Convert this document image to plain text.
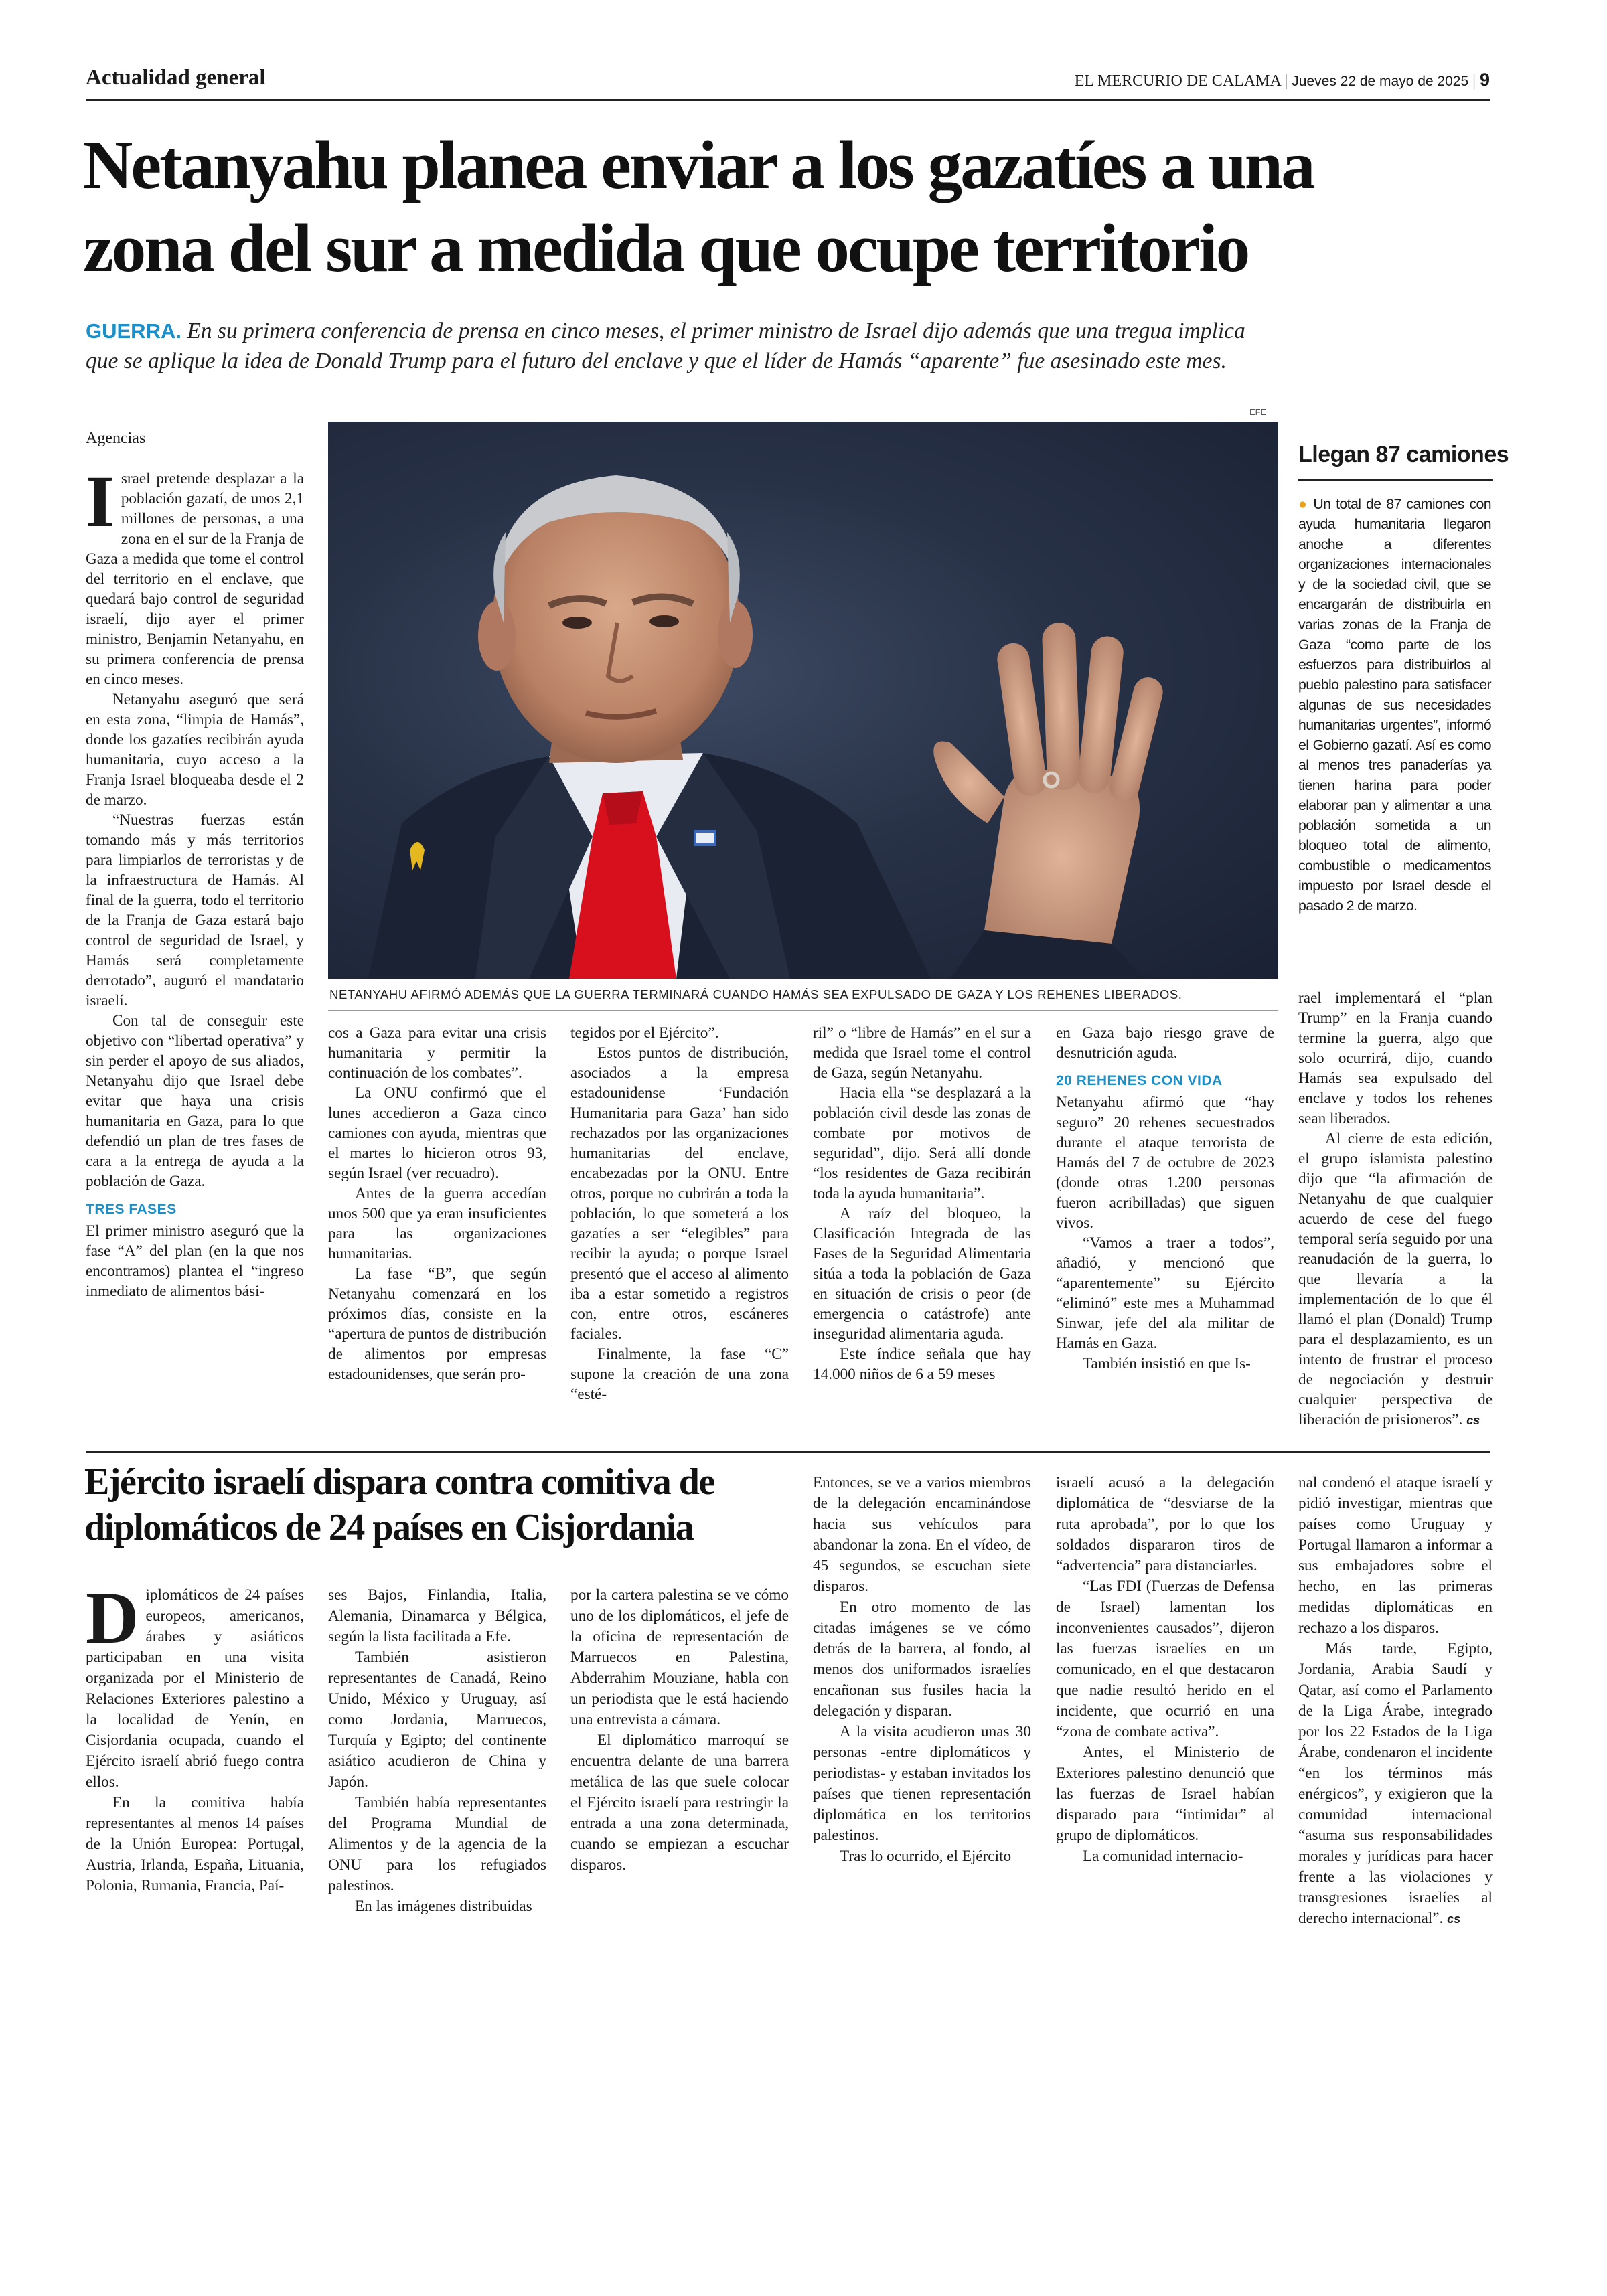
Actualidad general	EL MERCURIO DE CALAMA | Jueves 22 de mayo de 2025 | 9
Netanyahu planea enviar a los gazatíes a una
zona del sur a medida que ocupe territorio
GUERRA. En su primera conferencia de prensa en cinco meses, el primer ministro de Israel dijo además que una tregua implica
que se aplique la idea de Donald Trump para el futuro del enclave y que el líder de Hamás “aparente” fue asesinado este mes.
Agencias
EFE
NETANYAHU AFIRMÓ ADEMÁS QUE LA GUERRA TERMINARÁ CUANDO HAMÁS SEA EXPULSADO DE GAZA Y LOS REHENES LIBERADOS.
Llegan 87 camiones

● Un total de 87 camiones con ayuda humanitaria llegaron anoche a diferentes organizaciones internacionales y de la sociedad civil, que se encargarán de distribuirla en varias zonas de la Franja de Gaza “como parte de los esfuerzos para distribuirlos al pueblo palestino para satisfacer algunas de sus necesidades humanitarias urgentes”, informó el Gobierno gazatí. Así es como al menos tres panaderías ya tienen harina para poder elaborar pan y alimentar a una población sometida a un bloqueo total de alimento, combustible o medicamentos impuesto por Israel desde el pasado 2 de marzo.

Israel pretende desplazar a la población gazatí, de unos 2,1 millones de personas, a una zona en el sur de la Franja de Gaza a medida que tome el control del territorio en el enclave, que quedará bajo control de seguridad israelí, dijo ayer el primer ministro, Benjamin Netanyahu, en su primera conferencia de prensa en cinco meses.

Netanyahu aseguró que será en esta zona, “limpia de Hamás”, donde los gazatíes recibirán ayuda humanitaria, cuyo acceso a la Franja Israel bloqueaba desde el 2 de marzo.

“Nuestras fuerzas están tomando más y más territorios para limpiarlos de terroristas y de la infraestructura de Hamás. Al final de la guerra, todo el territorio de la Franja de Gaza estará bajo control de seguridad de Israel, y Hamás será completamente derrotado”, auguró el mandatario israelí.

Con tal de conseguir este objetivo con “libertad operativa” y sin perder el apoyo de sus aliados, Netanyahu dijo que Israel debe evitar que haya una crisis humanitaria en Gaza, para lo que defendió un plan de tres fases de cara a la entrega de ayuda a la población de Gaza.

TRES FASES

El primer ministro aseguró que la fase “A” del plan (en la que nos encontramos) plantea el “ingreso inmediato de alimentos bási-

cos a Gaza para evitar una crisis humanitaria y permitir la continuación de los combates”.

La ONU confirmó que el lunes accedieron a Gaza cinco camiones con ayuda, mientras que el martes lo hicieron otros 93, según Israel (ver recuadro).

Antes de la guerra accedían unos 500 que ya eran insuficientes para las organizaciones humanitarias.

La fase “B”, que según Netanyahu comenzará en los próximos días, consiste en la “apertura de puntos de distribución de alimentos por empresas estadounidenses, que serán pro-

tegidos por el Ejército”.

Estos puntos de distribución, asociados a la empresa estadounidense ‘Fundación Humanitaria para Gaza’ han sido rechazados por las organizaciones humanitarias del enclave, encabezadas por la ONU. Entre otros, porque no cubrirán a toda la población, lo que someterá a los gazatíes a ser “elegibles” para recibir la ayuda; o porque Israel presentó que el acceso al alimento iba a estar sometido a registros con, entre otros, escáneres faciales.

Finalmente, la fase “C” supone la creación de una zona “esté-

ril” o “libre de Hamás” en el sur a medida que Israel tome el control de Gaza, según Netanyahu.

Hacia ella “se desplazará a la población civil desde las zonas de combate por motivos de seguridad”, dijo. Será allí donde “los residentes de Gaza recibirán toda la ayuda humanitaria”.

A raíz del bloqueo, la Clasificación Integrada de las Fases de la Seguridad Alimentaria sitúa a toda la población de Gaza en situación de crisis o peor (de emergencia o catástrofe) ante inseguridad alimentaria aguda.

Este índice señala que hay 14.000 niños de 6 a 59 meses

en Gaza bajo riesgo grave de desnutrición aguda.

20 REHENES CON VIDA

Netanyahu afirmó que “hay seguro” 20 rehenes secuestrados durante el ataque terrorista de Hamás del 7 de octubre de 2023 (donde otras 1.200 personas fueron acribilladas) que siguen vivos.

“Vamos a traer a todos”, añadió, y mencionó que “aparentemente” su Ejército “eliminó” este mes a Muhammad Sinwar, jefe del ala militar de Hamás en Gaza.

También insistió en que Is-

rael implementará el “plan Trump” en la Franja cuando termine la guerra, algo que solo ocurrirá, dijo, cuando Hamás sea expulsado del enclave y todos los rehenes sean liberados.

Al cierre de esta edición, el grupo islamista palestino dijo que “la afirmación de Netanyahu de que cualquier acuerdo de cese del fuego temporal sería seguido por una reanudación de la guerra, lo que llevaría a la implementación de lo que él llamó el plan (Donald) Trump para el desplazamiento, es un intento de frustrar el proceso de negociación y destruir cualquier perspectiva de liberación de prisioneros”. cs

Ejército israelí dispara contra comitiva de
diplomáticos de 24 países en Cisjordania

Diplomáticos de 24 países europeos, americanos, árabes y asiáticos participaban en una visita organizada por el Ministerio de Relaciones Exteriores palestino a la localidad de Yenín, en Cisjordania ocupada, cuando el Ejército israelí abrió fuego contra ellos.

En la comitiva había representantes al menos 14 países de la Unión Europea: Portugal, Austria, Irlanda, España, Lituania, Polonia, Rumania, Francia, Paí-

ses Bajos, Finlandia, Italia, Alemania, Dinamarca y Bélgica, según la lista facilitada a Efe.

También asistieron representantes de Canadá, Reino Unido, México y Uruguay, así como Jordania, Marruecos, Turquía y Egipto; del continente asiático acudieron de China y Japón.

También había representantes del Programa Mundial de Alimentos y de la agencia de la ONU para los refugiados palestinos.

En las imágenes distribuidas

por la cartera palestina se ve cómo uno de los diplomáticos, el jefe de la oficina de representación de Marruecos en Palestina, Abderrahim Mouziane, habla con un periodista que le está haciendo una entrevista a cámara.

El diplomático marroquí se encuentra delante de una barrera metálica de las que suele colocar el Ejército israelí para restringir la entrada a una zona determinada, cuando se empiezan a escuchar disparos.

Entonces, se ve a varios miembros de la delegación encaminándose hacia sus vehículos para abandonar la zona. En el vídeo, de 45 segundos, se escuchan siete disparos.

En otro momento de las citadas imágenes se ve cómo detrás de la barrera, al fondo, al menos dos uniformados israelíes encañonan sus fusiles hacia la delegación y disparan.

A la visita acudieron unas 30 personas -entre diplomáticos y periodistas- y estaban invitados los países que tienen representación diplomática en los territorios palestinos.

Tras lo ocurrido, el Ejército

israelí acusó a la delegación diplomática de “desviarse de la ruta aprobada”, por lo que los soldados dispararon tiros de “advertencia” para distanciarles.

“Las FDI (Fuerzas de Defensa de Israel) lamentan los inconvenientes causados”, dijeron las fuerzas israelíes en un comunicado, en el que destacaron que nadie resultó herido en el incidente, que ocurrió en una “zona de combate activa”.

Antes, el Ministerio de Exteriores palestino denunció que las fuerzas de Israel habían disparado para “intimidar” al grupo de diplomáticos.

La comunidad internacio-

nal condenó el ataque israelí y pidió investigar, mientras que países como Uruguay y Portugal llamaron a informar a sus embajadores sobre el hecho, en las primeras medidas diplomáticas en rechazo a los disparos.

Más tarde, Egipto, Jordania, Arabia Saudí y Qatar, así como el Parlamento de la Liga Árabe, integrado por los 22 Estados de la Liga Árabe, condenaron el incidente “en los términos más enérgicos”, y exigieron que la comunidad internacional “asuma sus responsabilidades morales y jurídicas para hacer frente a las violaciones y transgresiones israelíes al derecho internacional”. cs
